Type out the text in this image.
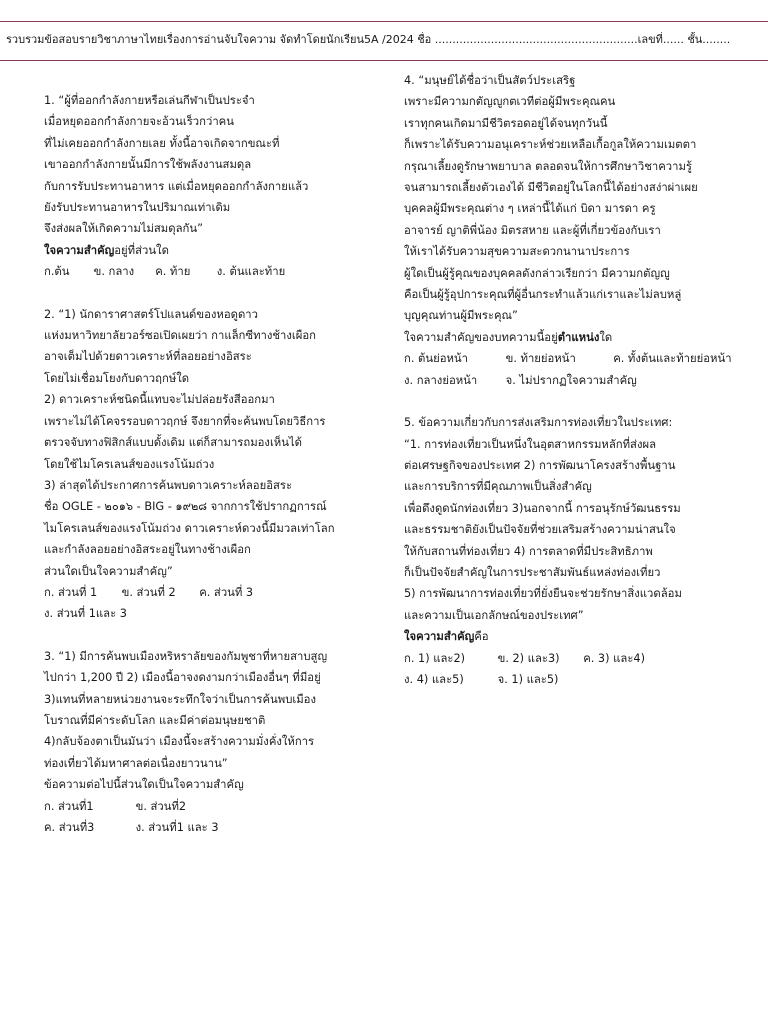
รวบรวมข้อสอบรายวิชาภาษาไทยเรื่องการอ่านจับใจความ จัดทำโดยนักเรียน5A /2024 ชื่อ ..........................................................เลขที่...... ชั้น........
1. “ผู้ที่ออกกำลังกายหรือเล่นกีฬาเป็นประจำ
เมื่อหยุดออกกำลังกายจะอ้วนเร็วกว่าคน
ที่ไม่เคยออกกำลังกายเลย ทั้งนี้อาจเกิดจากขณะที่
เขาออกกำลังกายนั้นมีการใช้พลังงานสมดุล
กับการรับประทานอาหาร แต่เมื่อหยุดออกกำลังกายแล้ว
ยังรับประทานอาหารในปริมาณเท่าเดิม
จึงส่งผลให้เกิดความไม่สมดุลกัน”
ใจความสำคัญอยู่ที่ส่วนใด
ก.ต้น ข. กลาง ค. ท้าย ง. ต้นและท้าย
2. “1) นักดาราศาสตร์โปแลนด์ของหอดูดาว
แห่งมหาวิทยาลัยวอร์ซอเปิดเผยว่า กาแล็กซีทางช้างเผือก
อาจเต็มไปด้วยดาวเคราะห์ที่ลอยอย่างอิสระ
โดยไม่เชื่อมโยงกับดาวฤกษ์ใด
2) ดาวเคราะห์ชนิดนี้แทบจะไม่ปล่อยรังสีออกมา
เพราะไม่ได้โคจรรอบดาวฤกษ์ จึงยากที่จะค้นพบโดยวิธีการ
ตรวจจับทางฟิสิกส์แบบดั้งเดิม แต่ก็สามารถมองเห็นได้
โดยใช้ไมโครเลนส์ของแรงโน้มถ่วง
3) ล่าสุดได้ประกาศการค้นพบดาวเคราะห์ลอยอิสระ
ชื่อ OGLE - ๒๐๑๖ - BIG - ๑๙๒๘ จากการใช้ปรากฏการณ์
ไมโครเลนส์ของแรงโน้มถ่วง ดาวเคราะห์ดวงนี้มีมวลเท่าโลก
และกำลังลอยอย่างอิสระอยู่ในทางช้างเผือก
ส่วนใดเป็นใจความสำคัญ”
ก. ส่วนที่ 1 ข. ส่วนที่ 2 ค. ส่วนที่ 3
ง. ส่วนที่ 1และ 3
3. “1) มีการค้นพบเมืองหริหราลัยของกัมพูชาที่หายสาบสูญ
ไปกว่า 1,200 ปี 2) เมืองนี้อาจงดงามกว่าเมืองอื่นๆ ที่มีอยู่
3)แทนที่หลายหน่วยงานจะระทึกใจว่าเป็นการค้นพบเมือง
โบราณที่มีค่าระดับโลก และมีค่าต่อมนุษยชาติ
4)กลับจ้องตาเป็นมันว่า เมืองนี้จะสร้างความมั่งคั่งให้การ
ท่องเที่ยวได้มหาศาลต่อเนื่องยาวนาน”
ข้อความต่อไปนี้ส่วนใดเป็นใจความสำคัญ
ก. ส่วนที่1	ข. ส่วนที่2
ค. ส่วนที่3	ง. ส่วนที่1 และ 3
4. “มนุษย์ได้ชื่อว่าเป็นสัตว์ประเสริฐ
เพราะมีความกตัญญูกตเวทีต่อผู้มีพระคุณคน
เราทุกคนเกิดมามีชีวิตรอดอยู่ได้จนทุกวันนี้
ก็เพราะได้รับความอนุเคราะห์ช่วยเหลือเกื้อกูลให้ความเมตตา
กรุณาเลี้ยงดูรักษาพยาบาล ตลอดจนให้การศึกษาวิชาความรู้
จนสามารถเลี้ยงตัวเองได้ มีชีวิตอยู่ในโลกนี้ได้อย่างสง่าผ่าเผย
บุคคลผู้มีพระคุณต่าง ๆ เหล่านี้ได้แก่ บิดา มารดา ครู
อาจารย์ ญาติพี่น้อง มิตรสหาย และผู้ที่เกี่ยวข้องกับเรา
ให้เราได้รับความสุขความสะดวกนานาประการ
ผู้ใดเป็นผู้รู้คุณของบุคคลดังกล่าวเรียกว่า มีความกตัญญู
คือเป็นผู้รู้อุปการะคุณที่ผู้อื่นกระทำแล้วแก่เราและไม่ลบหลู่
บุญคุณท่านผู้มีพระคุณ”
ใจความสำคัญของบทความนี้อยู่ตำแหน่งใด
ก. ต้นย่อหน้า	ข. ท้ายย่อหน้า	ค. ทั้งต้นและท้ายย่อหน้า
ง. กลางย่อหน้า	จ. ไม่ปรากฏใจความสำคัญ
5. ข้อความเกี่ยวกับการส่งเสริมการท่องเที่ยวในประเทศ:
“1. การท่องเที่ยวเป็นหนึ่งในอุตสาหกรรมหลักที่ส่งผล
ต่อเศรษฐกิจของประเทศ 2) การพัฒนาโครงสร้างพื้นฐาน
และการบริการที่มีคุณภาพเป็นสิ่งสำคัญ
เพื่อดึงดูดนักท่องเที่ยว 3)นอกจากนี้ การอนุรักษ์วัฒนธรรม
และธรรมชาติยังเป็นปัจจัยที่ช่วยเสริมสร้างความน่าสนใจ
ให้กับสถานที่ท่องเที่ยว 4) การตลาดที่มีประสิทธิภาพ
ก็เป็นปัจจัยสำคัญในการประชาสัมพันธ์แหล่งท่องเที่ยว
5) การพัฒนาการท่องเที่ยวที่ยั่งยืนจะช่วยรักษาสิ่งแวดล้อม
และความเป็นเอกลักษณ์ของประเทศ”
ใจความสำคัญคือ
ก. 1) และ2)	ข. 2) และ3) ค. 3) และ4)
ง. 4) และ5)	จ. 1) และ5)
